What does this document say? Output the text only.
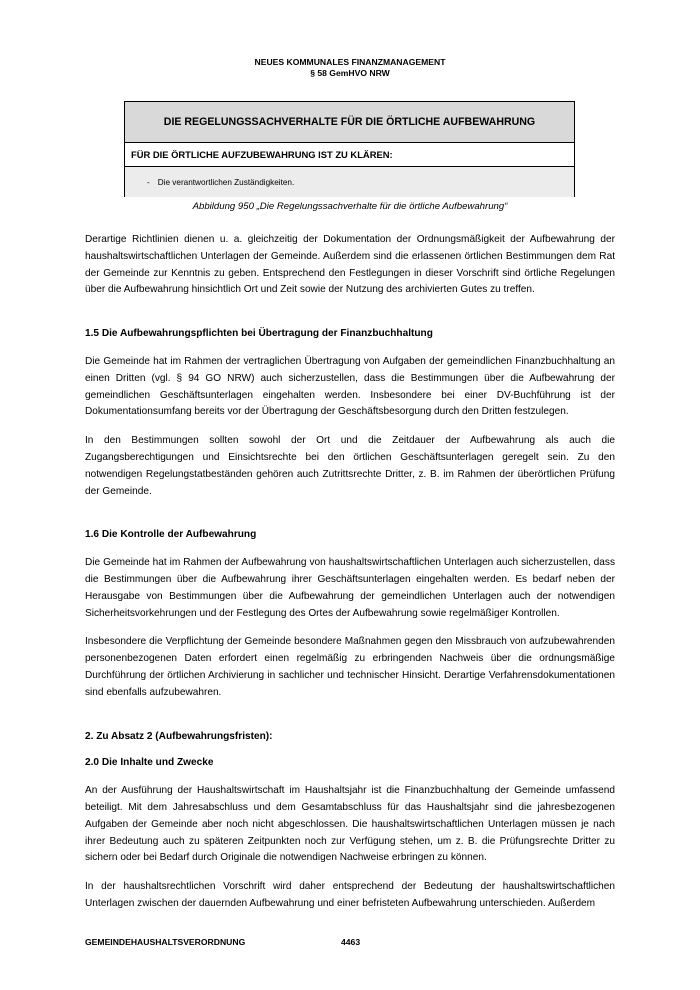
NEUES KOMMUNALES FINANZMANAGEMENT
§ 58 GemHVO NRW
DIE REGELUNGSSACHVERHALTE FÜR DIE ÖRTLICHE AUFBEWAHRUNG
FÜR DIE ÖRTLICHE AUFZUBEWAHRUNG IST ZU KLÄREN:
- Die verantwortlichen Zuständigkeiten.
Abbildung 950 „Die Regelungssachverhalte für die örtliche Aufbewahrung“

Derartige Richtlinien dienen u. a. gleichzeitig der Dokumentation der Ordnungsmäßigkeit der Aufbewahrung der haushaltswirtschaftlichen Unterlagen der Gemeinde. Außerdem sind die erlassenen örtlichen Bestimmungen dem Rat der Gemeinde zur Kenntnis zu geben. Entsprechend den Festlegungen in dieser Vorschrift sind örtliche Regelungen über die Aufbewahrung hinsichtlich Ort und Zeit sowie der Nutzung des archivierten Gutes zu treffen.

1.5 Die Aufbewahrungspflichten bei Übertragung der Finanzbuchhaltung

Die Gemeinde hat im Rahmen der vertraglichen Übertragung von Aufgaben der gemeindlichen Finanzbuchhaltung an einen Dritten (vgl. § 94 GO NRW) auch sicherzustellen, dass die Bestimmungen über die Aufbewahrung der gemeindlichen Geschäftsunterlagen eingehalten werden. Insbesondere bei einer DV-Buchführung ist der Dokumentationsumfang bereits vor der Übertragung der Geschäftsbesorgung durch den Dritten festzulegen.

In den Bestimmungen sollten sowohl der Ort und die Zeitdauer der Aufbewahrung als auch die Zugangsberechtigungen und Einsichtsrechte bei den örtlichen Geschäftsunterlagen geregelt sein. Zu den notwendigen Regelungstatbeständen gehören auch Zutrittsrechte Dritter, z. B. im Rahmen der überörtlichen Prüfung der Gemeinde.

1.6 Die Kontrolle der Aufbewahrung

Die Gemeinde hat im Rahmen der Aufbewahrung von haushaltswirtschaftlichen Unterlagen auch sicherzustellen, dass die Bestimmungen über die Aufbewahrung ihrer Geschäftsunterlagen eingehalten werden. Es bedarf neben der Herausgabe von Bestimmungen über die Aufbewahrung der gemeindlichen Unterlagen auch der notwendigen Sicherheitsvorkehrungen und der Festlegung des Ortes der Aufbewahrung sowie regelmäßiger Kontrollen.

Insbesondere die Verpflichtung der Gemeinde besondere Maßnahmen gegen den Missbrauch von aufzubewahrenden personenbezogenen Daten erfordert einen regelmäßig zu erbringenden Nachweis über die ordnungsmäßige Durchführung der örtlichen Archivierung in sachlicher und technischer Hinsicht. Derartige Verfahrensdokumentationen sind ebenfalls aufzubewahren.

2. Zu Absatz 2 (Aufbewahrungsfristen):

2.0 Die Inhalte und Zwecke

An der Ausführung der Haushaltswirtschaft im Haushaltsjahr ist die Finanzbuchhaltung der Gemeinde umfassend beteiligt. Mit dem Jahresabschluss und dem Gesamtabschluss für das Haushaltsjahr sind die jahresbezogenen Aufgaben der Gemeinde aber noch nicht abgeschlossen. Die haushaltswirtschaftlichen Unterlagen müssen je nach ihrer Bedeutung auch zu späteren Zeitpunkten noch zur Verfügung stehen, um z. B. die Prüfungsrechte Dritter zu sichern oder bei Bedarf durch Originale die notwendigen Nachweise erbringen zu können.

In der haushaltsrechtlichen Vorschrift wird daher entsprechend der Bedeutung der haushaltswirtschaftlichen Unterlagen zwischen der dauernden Aufbewahrung und einer befristeten Aufbewahrung unterschieden. Außerdem

GEMEINDEHAUSHALTSVERORDNUNG	4463
